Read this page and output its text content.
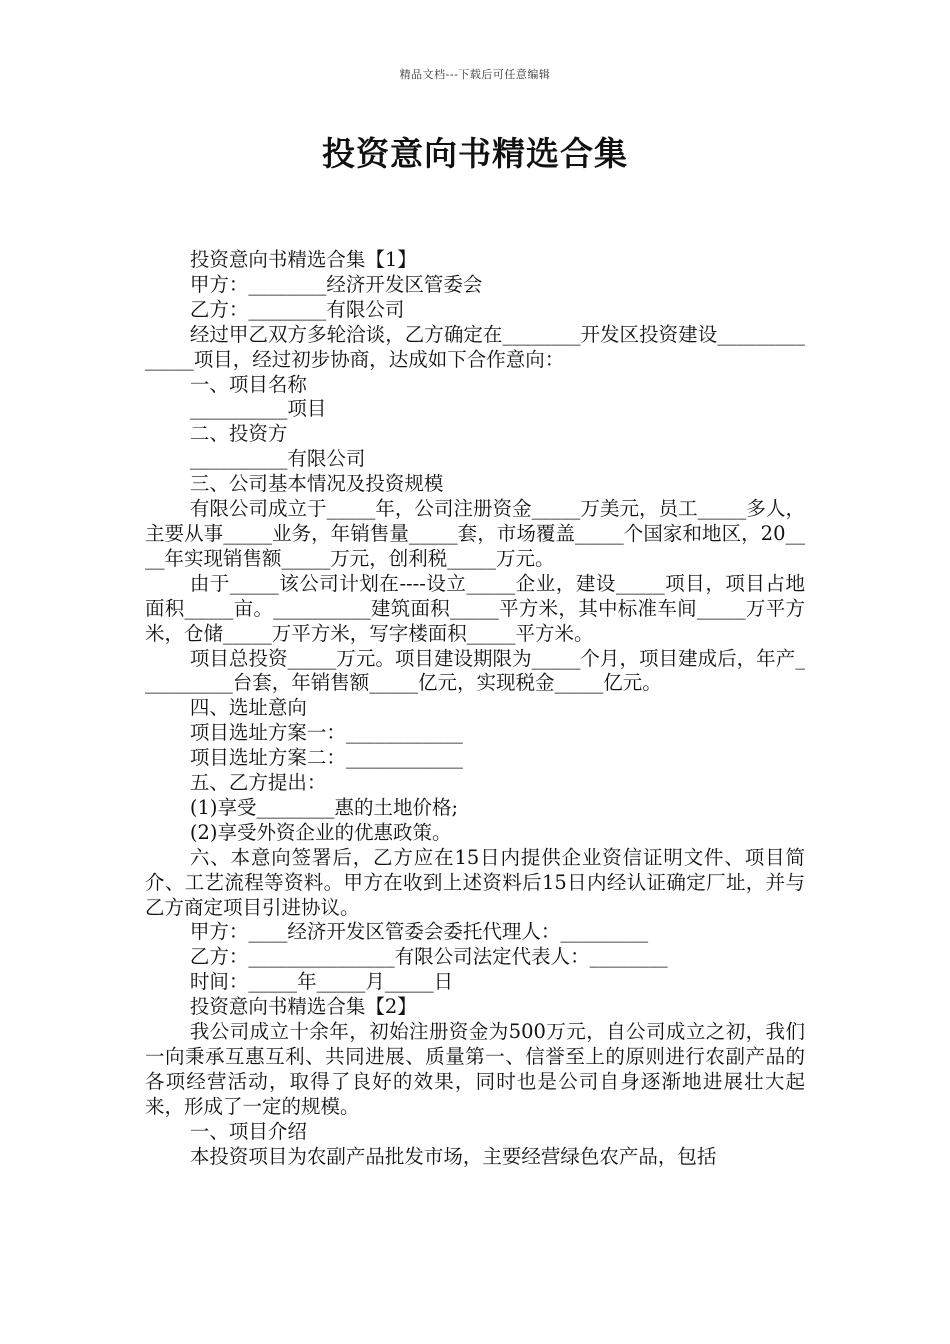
精品文档---下载后可任意编辑
投资意向书精选合集

投资意向书精选合集【1】

甲方：________经济开发区管委会

乙方：________有限公司

经过甲乙双方多轮洽谈，乙方确定在________开发区投资建设______________项目，经过初步协商，达成如下合作意向：

一、项目名称

__________项目

二、投资方

__________有限公司

三、公司基本情况及投资规模

有限公司成立于_____年，公司注册资金_____万美元，员工_____多人，主要从事_____业务，年销售量_____套，市场覆盖_____个国家和地区，20____年实现销售额_____万元，创利税_____万元。

由于_____该公司计划在----设立_____企业，建设_____项目，项目占地面积_____亩。__________建筑面积_____平方米，其中标准车间_____万平方米，仓储_____万平方米，写字楼面积_____平方米。

项目总投资_____万元。项目建设期限为_____个月，项目建成后，年产__________台套，年销售额_____亿元，实现税金_____亿元。

四、选址意向

项目选址方案一：____________

项目选址方案二：____________

五、乙方提出：

(1)享受________惠的土地价格;

(2)享受外资企业的优惠政策。

六、本意向签署后，乙方应在15日内提供企业资信证明文件、项目简介、工艺流程等资料。甲方在收到上述资料后15日内经认证确定厂址，并与乙方商定项目引进协议。

甲方：____经济开发区管委会委托代理人：_________

乙方：_______________有限公司法定代表人：________

时间：_____年_____月_____日

投资意向书精选合集【2】

我公司成立十余年，初始注册资金为500万元，自公司成立之初，我们一向秉承互惠互利、共同进展、质量第一、信誉至上的原则进行农副产品的各项经营活动，取得了良好的效果，同时也是公司自身逐渐地进展壮大起来，形成了一定的规模。

一、项目介绍

本投资项目为农副产品批发市场，主要经营绿色农产品，包括
